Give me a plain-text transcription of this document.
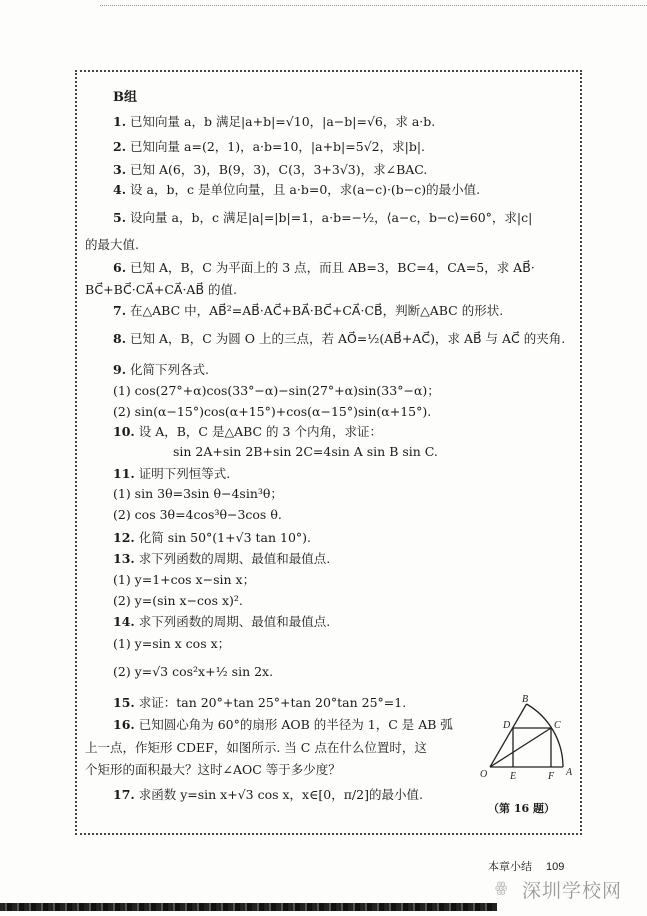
B组
1. 已知向量 a，b 满足|a+b|=√10，|a−b|=√6，求 a·b.
2. 已知向量 a=(2，1)，a·b=10，|a+b|=5√2，求|b|.
3. 已知 A(6，3)，B(9，3)，C(3，3+3√3)，求∠BAC.
4. 设 a，b，c 是单位向量，且 a·b=0，求(a−c)·(b−c)的最小值.
5. 设向量 a，b，c 满足|a|=|b|=1，a·b=−½，⟨a−c，b−c⟩=60°，求|c|
的最大值.
6. 已知 A，B，C 为平面上的 3 点，而且 AB=3，BC=4，CA=5，求 AB⃗·
BC⃗+BC⃗·CA⃗+CA⃗·AB⃗ 的值.
7. 在△ABC 中，AB⃗²=AB⃗·AC⃗+BA⃗·BC⃗+CA⃗·CB⃗，判断△ABC 的形状.
8. 已知 A，B，C 为圆 O 上的三点，若 AO⃗=½(AB⃗+AC⃗)，求 AB⃗ 与 AC⃗ 的夹角.
9. 化简下列各式.
(1) cos(27°+α)cos(33°−α)−sin(27°+α)sin(33°−α)；
(2) sin(α−15°)cos(α+15°)+cos(α−15°)sin(α+15°).
10. 设 A，B，C 是△ABC 的 3 个内角，求证：
sin 2A+sin 2B+sin 2C=4sin A sin B sin C.
11. 证明下列恒等式.
(1) sin 3θ=3sin θ−4sin³θ；
(2) cos 3θ=4cos³θ−3cos θ.
12. 化简 sin 50°(1+√3 tan 10°).
13. 求下列函数的周期、最值和最值点.
(1) y=1+cos x−sin x；
(2) y=(sin x−cos x)².
14. 求下列函数的周期、最值和最值点.
(1) y=sin x cos x；
(2) y=√3 cos²x+½ sin 2x.
15. 求证：tan 20°+tan 25°+tan 20°tan 25°=1.
16. 已知圆心角为 60°的扇形 AOB 的半径为 1，C 是 AB 弧
上一点，作矩形 CDEF，如图所示. 当 C 点在什么位置时，这
个矩形的面积最大？这时∠AOC 等于多少度？
17. 求函数 y=sin x+√3 cos x，x∈[0，π/2]的最小值.
O	A
B
C
D
E	F
（第 16 题）
本章小结 109
ꙮ 深圳学校网
